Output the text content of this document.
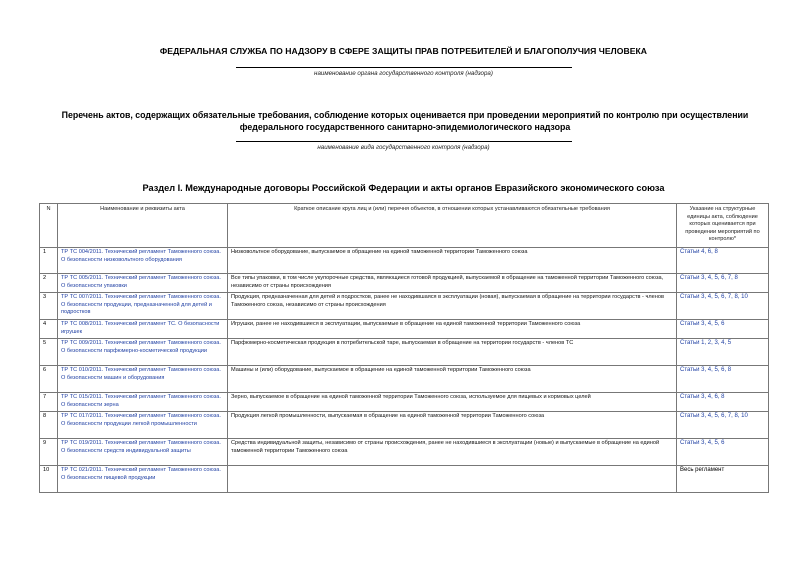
ФЕДЕРАЛЬНАЯ СЛУЖБА ПО НАДЗОРУ В СФЕРЕ ЗАЩИТЫ ПРАВ ПОТРЕБИТЕЛЕЙ И БЛАГОПОЛУЧИЯ ЧЕЛОВЕКА
наименование органа государственного контроля (надзора)
Перечень актов, содержащих обязательные требования, соблюдение которых оценивается при проведении мероприятий по контролю при осуществлении федерального государственного санитарно-эпидемиологического надзора
наименование вида государственного контроля (надзора)
Раздел I. Международные договоры Российской Федерации и акты органов Евразийского экономического союза
N	Наименование и реквизиты акта	Краткое описание круга лиц и (или) перечня объектов, в отношении которых устанавливаются обязательные требования	Указание на структурные единицы акта, соблюдение которых оценивается при проведении мероприятий по контролю*
1	ТР ТС 004/2011. Технический регламент Таможенного союза. О безопасности низковольтного оборудования	Низковольтное оборудование, выпускаемое в обращение на единой таможенной территории Таможенного союза	Статьи 4, 6, 8
2	ТР ТС 005/2011. Технический регламент Таможенного союза. О безопасности упаковки	Все типы упаковки, в том числе укупорочные средства, являющиеся готовой продукцией, выпускаемой в обращение на таможенной территории Таможенного союза, независимо от страны происхождения	Статьи 3, 4, 5, 6, 7, 8
3	ТР ТС 007/2011. Технический регламент Таможенного союза. О безопасности продукции, предназначенной для детей и подростков	Продукция, предназначенная для детей и подростков, ранее не находившаяся в эксплуатации (новая), выпускаемая в обращение на территории государств - членов Таможенного союза, независимо от страны происхождения	Статьи 3, 4, 5, 6, 7, 8, 10
4	ТР ТС 008/2011. Технический регламент ТС. О безопасности игрушек	Игрушки, ранее не находившиеся в эксплуатации, выпускаемые в обращение на единой таможенной территории Таможенного союза	Статьи 3, 4, 5, 6
5	ТР ТС 009/2011. Технический регламент Таможенного союза. О безопасности парфюмерно-косметической продукции	Парфюмерно-косметическая продукция в потребительской таре, выпускаемая в обращение на территории государств - членов ТС	Статьи 1, 2, 3, 4, 5
6	ТР ТС 010/2011. Технический регламент Таможенного союза. О безопасности машин и оборудования	Машины и (или) оборудование, выпускаемое в обращение на единой таможенной территории Таможенного союза	Статьи 3, 4, 5, 6, 8
7	ТР ТС 015/2011. Технический регламент Таможенного союза. О безопасности зерна	Зерно, выпускаемое в обращение на единой таможенной территории Таможенного союза, используемое для пищевых и кормовых целей	Статьи 3, 4, 6, 8
8	ТР ТС 017/2011. Технический регламент Таможенного союза. О безопасности продукции легкой промышленности	Продукция легкой промышленности, выпускаемая в обращение на единой таможенной территории Таможенного союза	Статьи 3, 4, 5, 6, 7, 8, 10
9	ТР ТС 019/2011. Технический регламент Таможенного союза. О безопасности средств индивидуальной защиты	Средства индивидуальной защиты, независимо от страны происхождения, ранее не находившиеся в эксплуатации (новые) и выпускаемые в обращение на единой таможенной территории Таможенного союза	Статьи 3, 4, 5, 6
10	ТР ТС 021/2011. Технический регламент Таможенного союза. О безопасности пищевой продукции		Весь регламент
